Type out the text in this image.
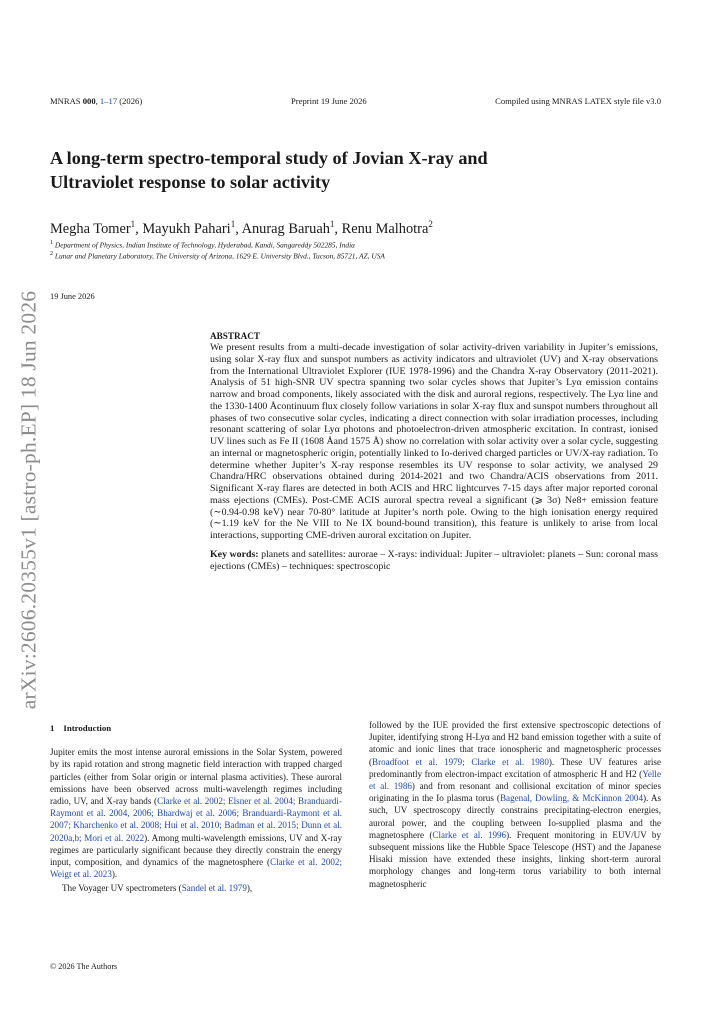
arXiv:2606.20355v1 [astro-ph.EP] 18 Jun 2026
MNRAS 000, 1–17 (2026)	Preprint 19 June 2026	Compiled using MNRAS LATEX style file v3.0
A long-term spectro-temporal study of Jovian X-ray and
Ultraviolet response to solar activity
Megha Tomer$^1$, Mayukh Pahari$^1$, Anurag Baruah$^1$, Renu Malhotra$^2$
$^1$ Department of Physics, Indian Institute of Technology, Hyderabad, Kandi, Sangareddy 502285, India
$^2$ Lunar and Planetary Laboratory, The University of Arizona, 1629 E. University Blvd., Tucson, 85721, AZ, USA
19 June 2026
ABSTRACT
We present results from a multi-decade investigation of solar activity-driven variability in Jupiter’s emissions, using solar X-ray flux and sunspot numbers as activity indicators and ultraviolet (UV) and X-ray observations from the International Ultraviolet Explorer (IUE 1978-1996) and the Chandra X-ray Observatory (2011-2021). Analysis of 51 high-SNR UV spectra spanning two solar cycles shows that Jupiter’s Lyα emission contains narrow and broad components, likely associated with the disk and auroral regions, respectively. The Lyα line and the 1330-1400 Åcontinuum flux closely follow variations in solar X-ray flux and sunspot numbers throughout all phases of two consecutive solar cycles, indicating a direct connection with solar irradiation processes, including resonant scattering of solar Lyα photons and photoelectron-driven atmospheric excitation. In contrast, ionised UV lines such as Fe II (1608 Åand 1575 Å) show no correlation with solar activity over a solar cycle, suggesting an internal or magnetospheric origin, potentially linked to Io-derived charged particles or UV/X-ray radiation. To determine whether Jupiter’s X-ray response resembles its UV response to solar activity, we analysed 29 Chandra/HRC observations obtained during 2014-2021 and two Chandra/ACIS observations from 2011. Significant X-ray flares are detected in both ACIS and HRC lightcurves 7-15 days after major reported coronal mass ejections (CMEs). Post-CME ACIS auroral spectra reveal a significant (⩾ 3σ) Ne8+ emission feature (∼0.94-0.98 keV) near 70-80° latitude at Jupiter’s north pole. Owing to the high ionisation energy required (∼1.19 keV for the Ne VIII to Ne IX bound-bound transition), this feature is unlikely to arise from local interactions, supporting CME-driven auroral excitation on Jupiter.
Key words: planets and satellites: aurorae – X-rays: individual: Jupiter – ultraviolet: planets – Sun: coronal mass ejections (CMEs) – techniques: spectroscopic
1 Introduction
Jupiter emits the most intense auroral emissions in the Solar System, powered by its rapid rotation and strong magnetic field interaction with trapped charged particles (either from Solar origin or internal plasma activities). These auroral emissions have been observed across multi-wavelength regimes including radio, UV, and X-ray bands (Clarke et al. 2002; Elsner et al. 2004; Branduardi-Raymont et al. 2004, 2006; Bhardwaj et al. 2006; Branduardi-Raymont et al. 2007; Kharchenko et al. 2008; Hui et al. 2010; Badman et al. 2015; Dunn et al. 2020a,b; Mori et al. 2022). Among multi-wavelength emissions, UV and X-ray regimes are particularly significant because they directly constrain the energy input, composition, and dynamics of the magnetosphere (Clarke et al. 2002; Weigt et al. 2023).
The Voyager UV spectrometers (Sandel et al. 1979),
followed by the IUE provided the first extensive spectroscopic detections of Jupiter, identifying strong H-Lyα and H2 band emission together with a suite of atomic and ionic lines that trace ionospheric and magnetospheric processes (Broadfoot et al. 1979; Clarke et al. 1980). These UV features arise predominantly from electron-impact excitation of atmospheric H and H2 (Yelle et al. 1986) and from resonant and collisional excitation of minor species originating in the Io plasma torus (Bagenal, Dowling, & McKinnon 2004). As such, UV spectroscopy directly constrains precipitating-electron energies, auroral power, and the coupling between Io-supplied plasma and the magnetosphere (Clarke et al. 1996). Frequent monitoring in EUV/UV by subsequent missions like the Hubble Space Telescope (HST) and the Japanese Hisaki mission have extended these insights, linking short-term auroral morphology changes and long-term torus variability to both internal magnetospheric
© 2026 The Authors
